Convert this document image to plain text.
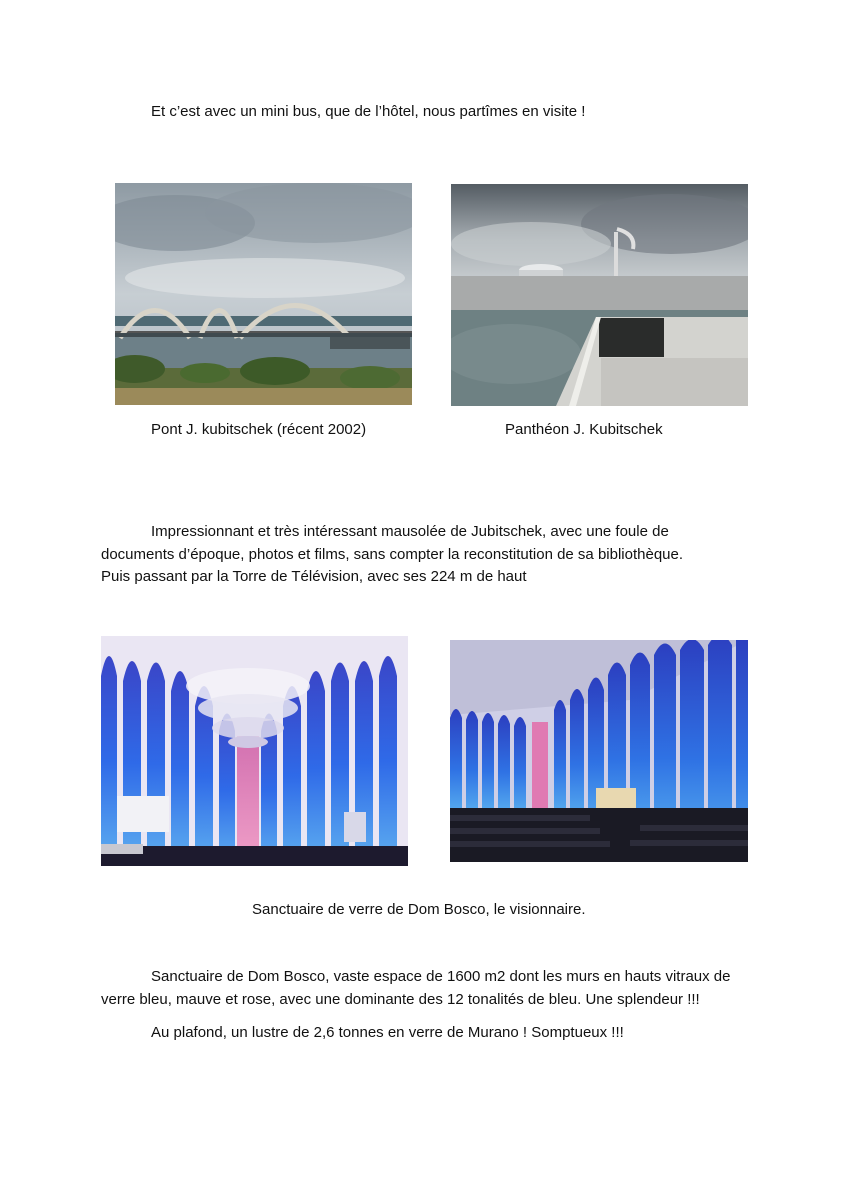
Et c’est avec un mini bus, que de l’hôtel, nous partîmes en visite !
Pont J. kubitschek (récent 2002)	Panthéon J. Kubitschek
Impressionnant et très intéressant mausolée de Jubitschek, avec une foule de
documents d’époque, photos et films, sans compter la reconstitution de sa bibliothèque.
Puis passant par la Torre de Télévision, avec ses 224 m de haut
Sanctuaire de verre de Dom Bosco, le visionnaire.
Sanctuaire de Dom Bosco, vaste espace de 1600 m2 dont les murs en hauts vitraux de
verre bleu, mauve et rose, avec une dominante des 12 tonalités de bleu. Une splendeur !!!
Au plafond, un lustre de 2,6 tonnes en verre de Murano ! Somptueux !!!
